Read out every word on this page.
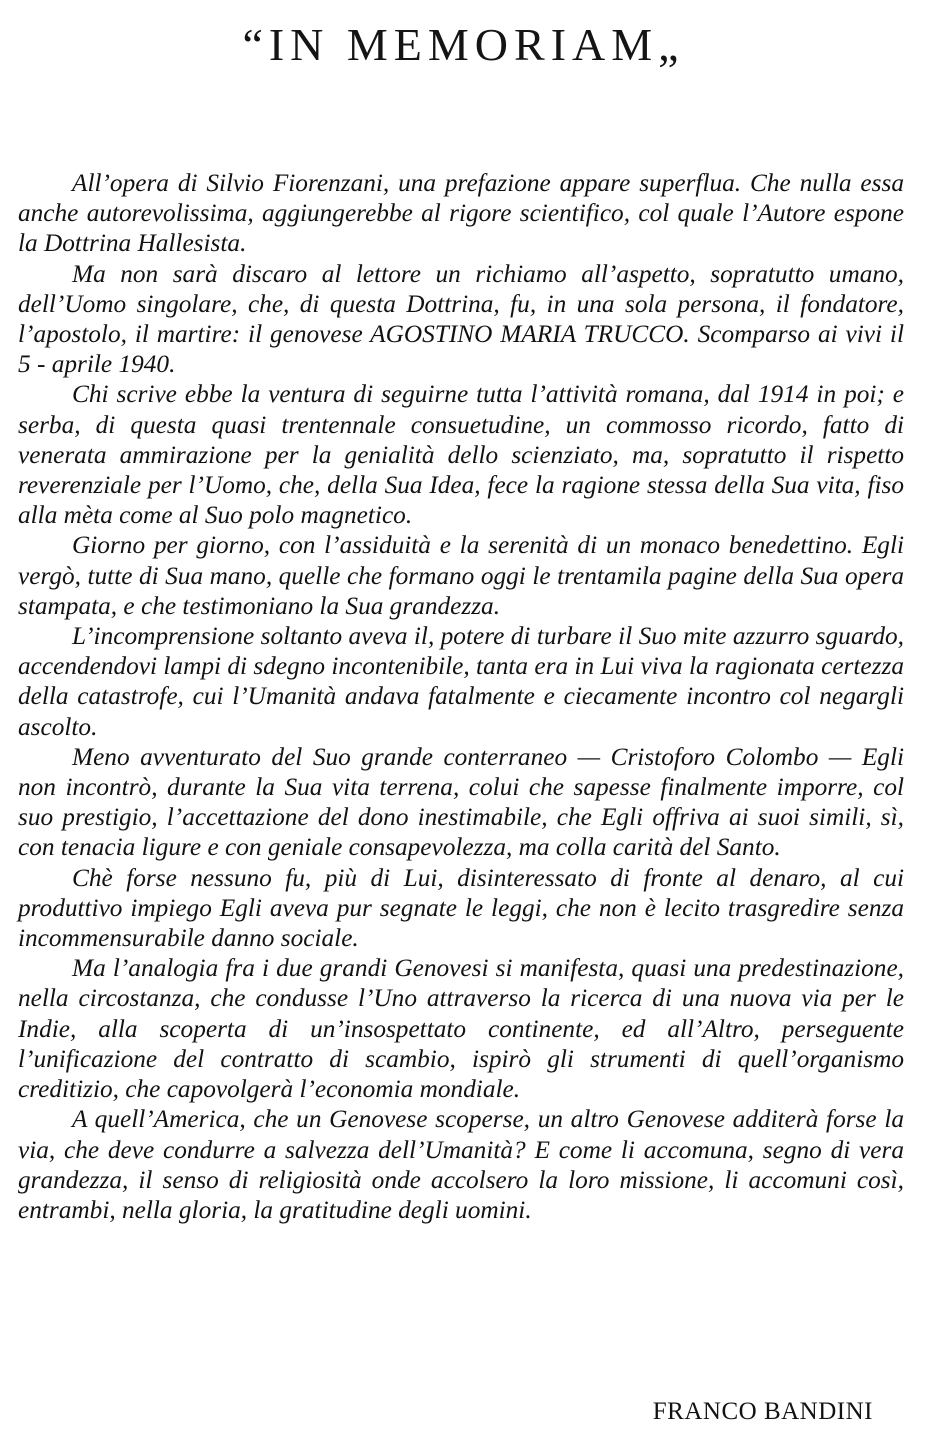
“IN MEMORIAM„

All’opera di Silvio Fiorenzani, una prefazione appare superflua. Che nulla essa anche autorevolissima, aggiungerebbe al rigore scientifico, col quale l’Autore espone la Dottrina Hallesista.

Ma non sarà discaro al lettore un richiamo all’aspetto, sopratutto umano, dell’Uomo singolare, che, di questa Dottrina, fu, in una sola persona, il fondatore, l’apostolo, il martire: il genovese AGOSTINO MARIA TRUCCO. Scomparso ai vivi il 5 - aprile 1940.

Chi scrive ebbe la ventura di seguirne tutta l’attività romana, dal 1914 in poi; e serba, di questa quasi trentennale consuetudine, un commosso ricordo, fatto di venerata ammirazione per la genialità dello scienziato, ma, sopratutto il rispetto reverenziale per l’Uomo, che, della Sua Idea, fece la ragione stessa della Sua vita, fiso alla mèta come al Suo polo magnetico.

Giorno per giorno, con l’assiduità e la serenità di un monaco benedettino. Egli vergò, tutte di Sua mano, quelle che formano oggi le trentamila pagine della Sua opera stampata, e che testimoniano la Sua grandezza.

L’incomprensione soltanto aveva il, potere di turbare il Suo mite azzurro sguardo, accendendovi lampi di sdegno incontenibile, tanta era in Lui viva la ragionata certezza della catastrofe, cui l’Umanità andava fatalmente e ciecamente incontro col negargli ascolto.

Meno avventurato del Suo grande conterraneo — Cristoforo Colombo — Egli non incontrò, durante la Sua vita terrena, colui che sapesse finalmente imporre, col suo prestigio, l’accettazione del dono inestimabile, che Egli offriva ai suoi simili, sì, con tenacia ligure e con geniale consapevolezza, ma colla carità del Santo.

Chè forse nessuno fu, più di Lui, disinteressato di fronte al denaro, al cui produttivo impiego Egli aveva pur segnate le leggi, che non è lecito trasgredire senza incommensurabile danno sociale.

Ma l’analogia fra i due grandi Genovesi si manifesta, quasi una predestinazione, nella circostanza, che condusse l’Uno attraverso la ricerca di una nuova via per le Indie, alla scoperta di un’insospettato continente, ed all’Altro, perseguente l’unificazione del contratto di scambio, ispirò gli strumenti di quell’organismo creditizio, che capovolgerà l’economia mondiale.

A quell’America, che un Genovese scoperse, un altro Genovese additerà forse la via, che deve condurre a salvezza dell’Umanità? E come li accomuna, segno di vera grandezza, il senso di religiosità onde accolsero la loro missione, li accomuni così, entrambi, nella gloria, la gratitudine degli uomini.

FRANCO BANDINI
